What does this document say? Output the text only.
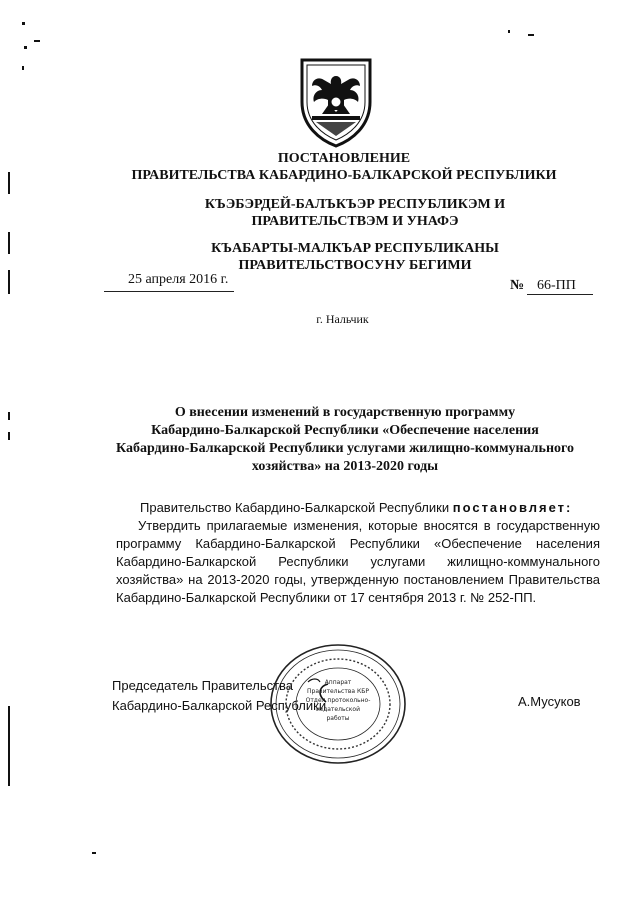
ПОСТАНОВЛЕНИЕ
ПРАВИТЕЛЬСТВА КАБАРДИНО-БАЛКАРСКОЙ РЕСПУБЛИКИ
КЪЭБЭРДЕЙ-БАЛЪКЪЭР РЕСПУБЛИКЭМ И ПРАВИТЕЛЬСТВЭМ И УНАФЭ
КЪАБАРТЫ-МАЛКЪАР РЕСПУБЛИКАНЫ ПРАВИТЕЛЬСТВОСУНУ БЕГИМИ
25 апреля 2016 г.	№ 66-ПП
г. Нальчик
О внесении изменений в государственную программу
Кабардино-Балкарской Республики «Обеспечение населения
Кабардино-Балкарской Республики услугами жилищно-коммунального
хозяйства» на 2013-2020 годы
Правительство Кабардино-Балкарской Республики постановляет:
Утвердить прилагаемые изменения, которые вносятся в государственную программу Кабардино-Балкарской Республики «Обеспечение населения Кабардино-Балкарской Республики услугами жилищно-коммунального хозяйства» на 2013-2020 годы, утвержденную постановлением Правительства Кабардино-Балкарской Республики от 17 сентября 2013 г. № 252-ПП.
Председатель Правительства
Кабардино-Балкарской Республики	А.Мусуков
Аппарат
Правительства КБР
Отдел протокольно-
издательской
работы
